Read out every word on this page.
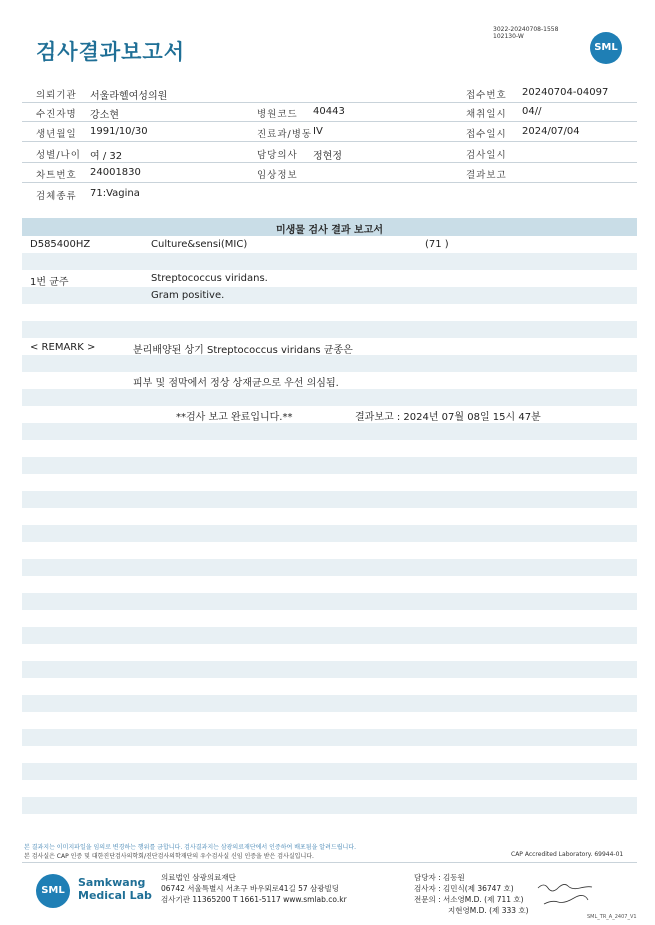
검사결과보고서
3022-20240708-1558
102130-W
SML
의뢰기관 서울라헬여성의원	접수번호 20240704-04097
수진자명 강소현	병원코드 40443	채취일시 04//
생년월일 1991/10/30	진료과/병동 IV	접수일시 2024/07/04
성별/나이 여 / 32	담당의사 정현정	검사일시
차트번호 24001830	임상정보	결과보고
검체종류 71:Vagina
미생물 검사 결과 보고서
D585400HZ	Culture&sensi(MIC)	(71 )
1번 균주	Streptococcus viridans.
Gram positive.
< REMARK >	분리배양된 상기 Streptococcus viridans 균종은
피부 및 점막에서 정상 상재균으로 우선 의심됨.
**검사 보고 완료입니다.**	결과보고 : 2024년 07월 08일 15시 47분
본 결과지는 이미지파일을 임의로 변경하는 행위를 금합니다. 검사결과지는 삼광의료재단에서 인증하여 배포됨을 알려드립니다.
본 검사실은 CAP 인증 및 대한진단검사의학회/진단검사의학재단의 우수검사실 신임 인증을 받은 검사실입니다.	CAP Accredited Laboratory. 69944-01
SML
Samkwang
Medical Lab
의료법인 삼광의료재단
06742 서울특별시 서초구 바우뫼로41길 57 삼광빌딩
검사기관 11365200 T 1661-5117 www.smlab.co.kr
담당자 : 김동원
검사자 : 김민식(제 36747 호)
전문의 : 서소영M.D. (제 711 호)
지현영M.D. (제 333 호)
SML_TR_A_2407_V1
